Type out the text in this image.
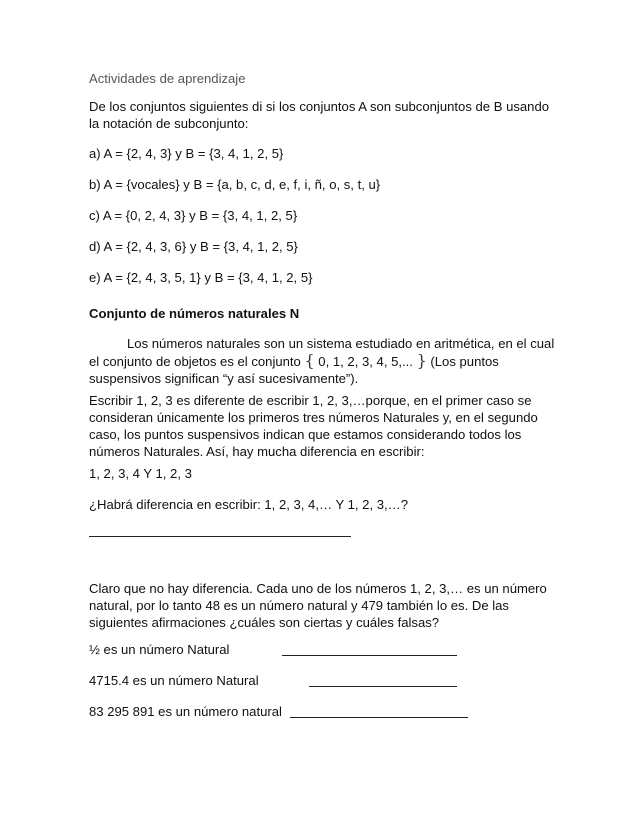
Actividades de aprendizaje

De los conjuntos siguientes di si los conjuntos A son subconjuntos de B usando la notación de subconjunto:

a) A = {2, 4, 3} y B = {3, 4, 1, 2, 5}

b) A = {vocales} y B = {a, b, c, d, e, f, i, ñ, o, s, t, u}

c) A = {0, 2, 4, 3} y B = {3, 4, 1, 2, 5}

d) A = {2, 4, 3, 6} y B = {3, 4, 1, 2, 5}

e) A = {2, 4, 3, 5, 1} y B = {3, 4, 1, 2, 5}

Conjunto de números naturales N

Los números naturales son un sistema estudiado en aritmética, en el cual el conjunto de objetos es el conjunto { 0, 1, 2, 3, 4, 5,... } (Los puntos suspensivos significan “y así sucesivamente”).

Escribir 1, 2, 3 es diferente de escribir 1, 2, 3,…porque, en el primer caso se consideran únicamente los primeros tres números Naturales y, en el segundo caso, los puntos suspensivos indican que estamos considerando todos los números Naturales. Así, hay mucha diferencia en escribir:

1, 2, 3, 4 Y 1, 2, 3

¿Habrá diferencia en escribir: 1, 2, 3, 4,… Y 1, 2, 3,…?

Claro que no hay diferencia. Cada uno de los números 1, 2, 3,… es un número natural, por lo tanto 48 es un número natural y 479 también lo es. De las siguientes afirmaciones ¿cuáles son ciertas y cuáles falsas?

½ es un número Natural

4715.4 es un número Natural

83 295 891 es un número natural
